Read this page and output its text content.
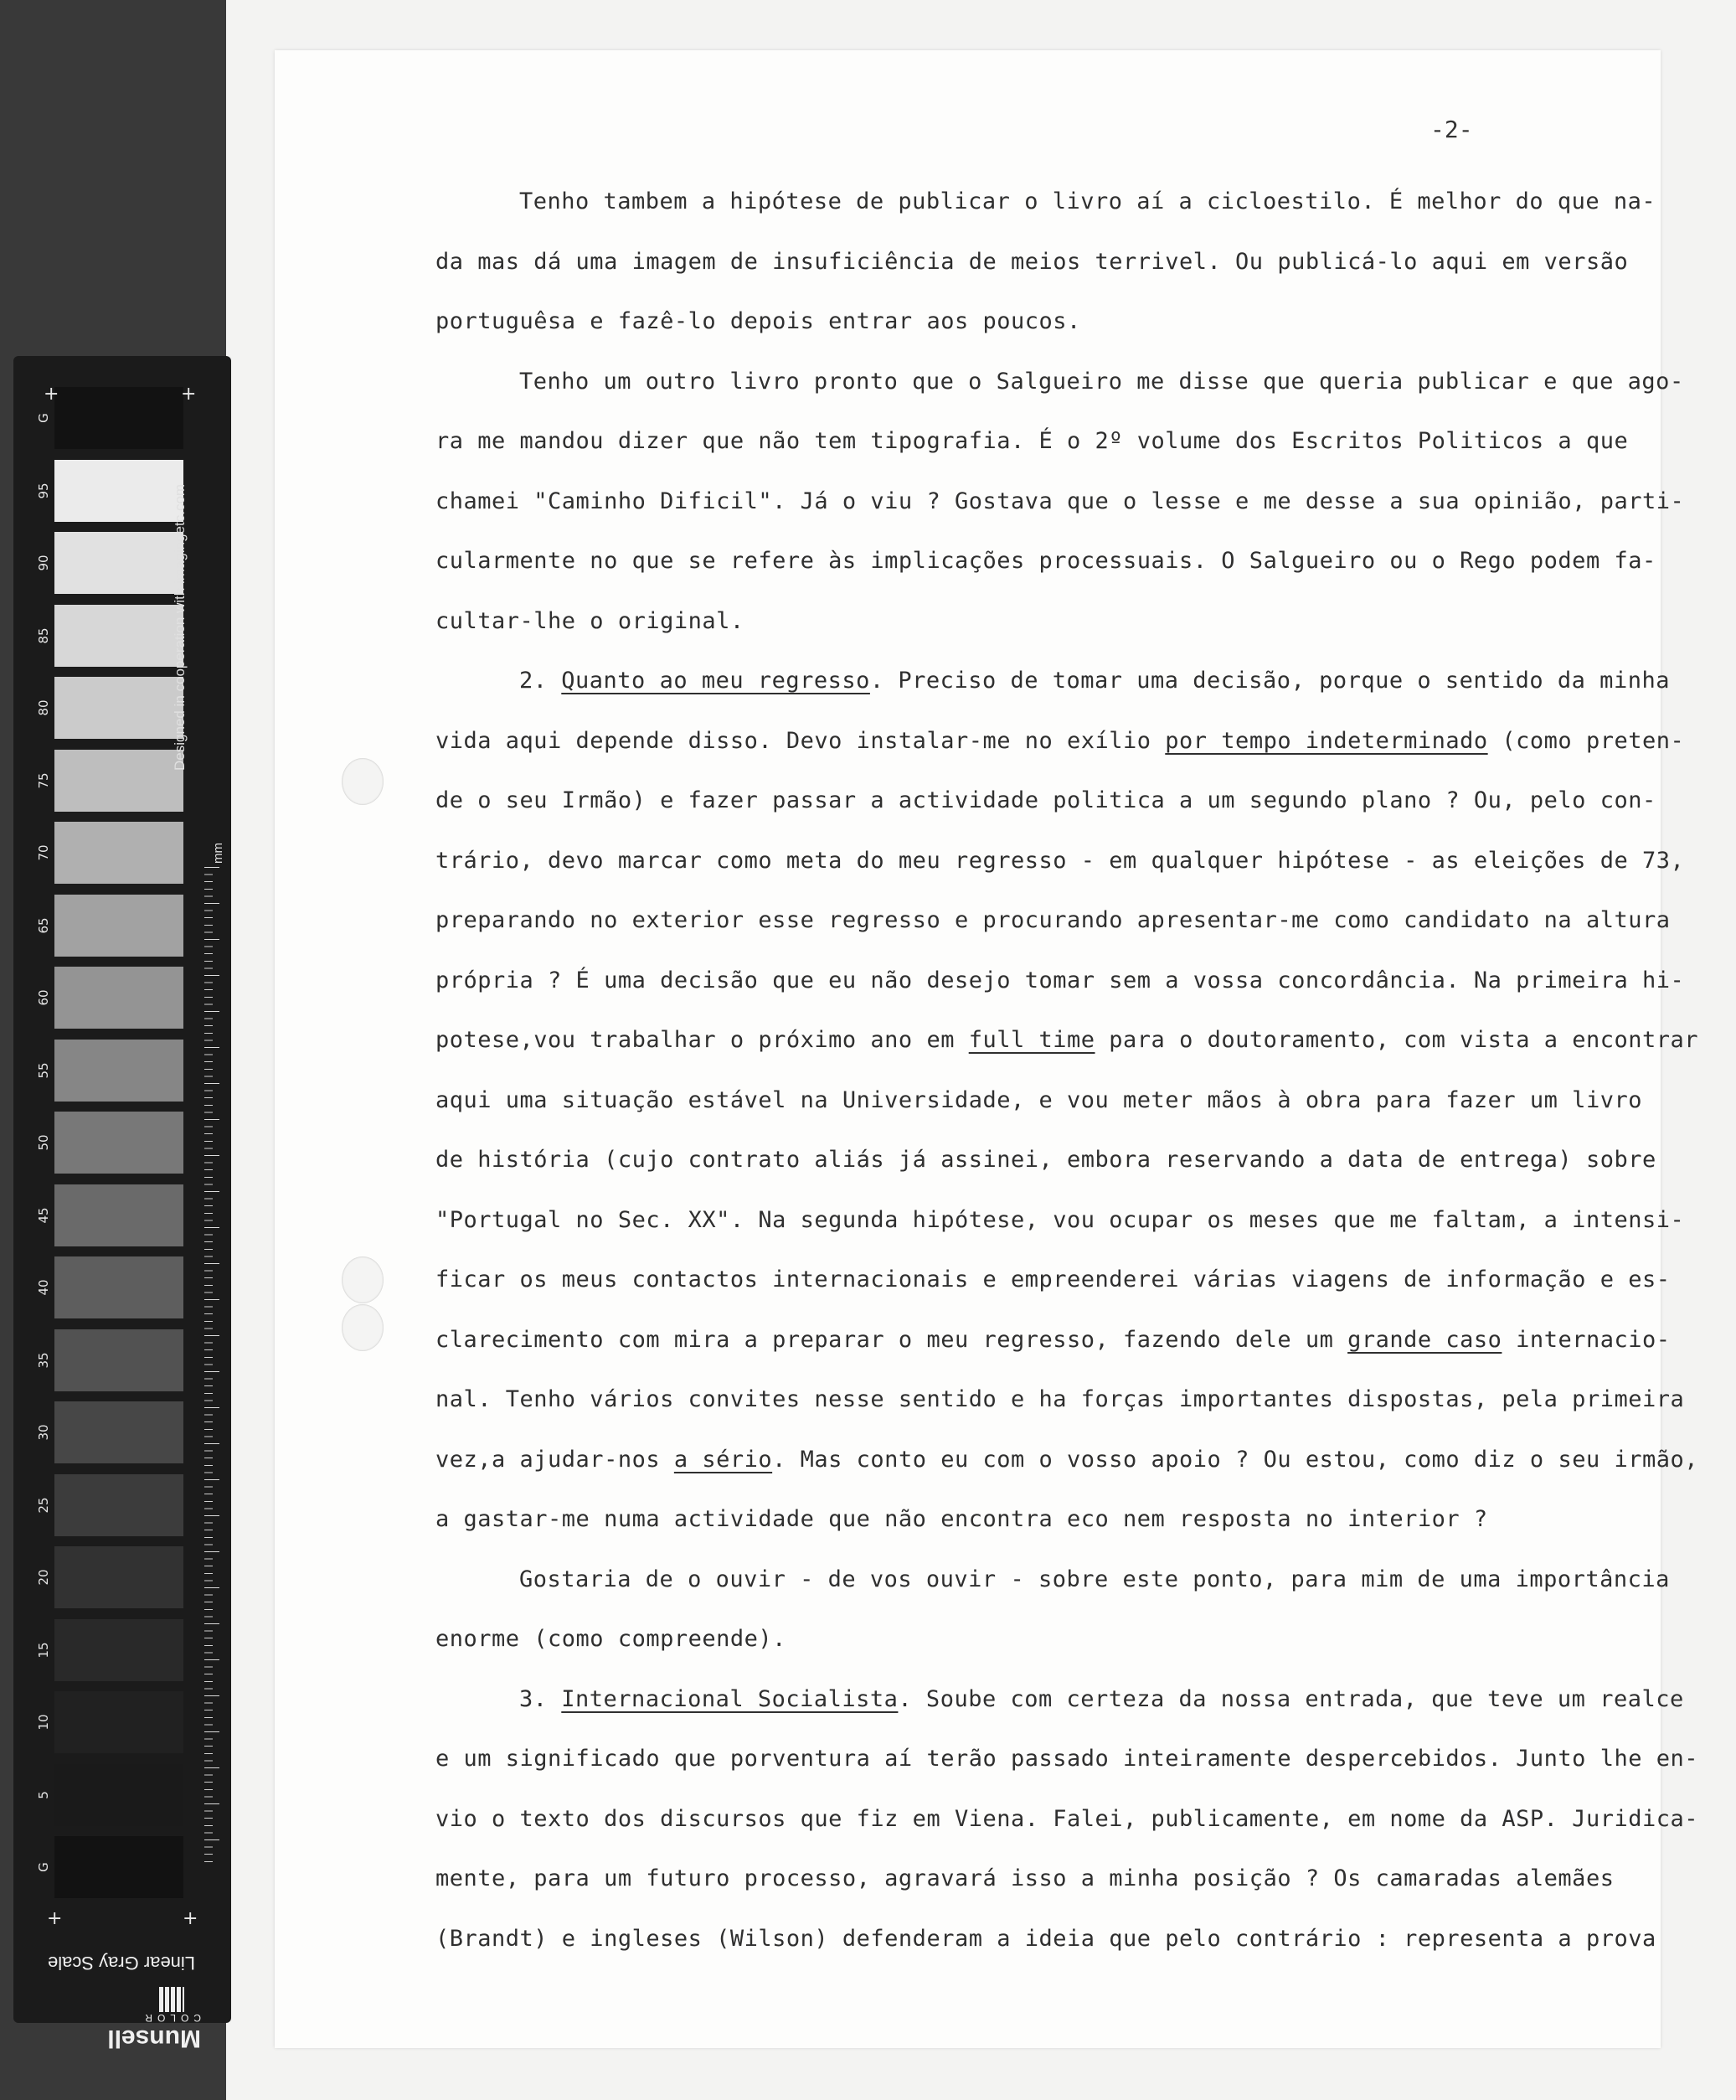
G
95
90
85
80
75
70
65
60
55
50
45
40
35
30
25
20
15
10
5
G
+	+
+	+
Designed in cooperation with imagingetc.com
mm
Linear Gray Scale
Munsell
COLOR
-2-

Tenho tambem a hipótese de publicar o livro aí a cicloestilo. É melhor do que na-
da mas dá uma imagem de insuficiência de meios terrivel. Ou publicá-lo aqui em versão
portuguêsa e fazê-lo depois entrar aos poucos.

Tenho um outro livro pronto que o Salgueiro me disse que queria publicar e que ago-
ra me mandou dizer que não tem tipografia. É o 2º volume dos Escritos Politicos a que
chamei "Caminho Dificil". Já o viu ? Gostava que o lesse e me desse a sua opinião, parti-
cularmente no que se refere às implicações processuais. O Salgueiro ou o Rego podem fa-
cultar-lhe o original.

2. Quanto ao meu regresso. Preciso de tomar uma decisão, porque o sentido da minha
vida aqui depende disso. Devo instalar-me no exílio por tempo indeterminado (como preten-
de o seu Irmão) e fazer passar a actividade politica a um segundo plano ? Ou, pelo con-
trário, devo marcar como meta do meu regresso - em qualquer hipótese - as eleições de 73,
preparando no exterior esse regresso e procurando apresentar-me como candidato na altura
própria ? É uma decisão que eu não desejo tomar sem a vossa concordância. Na primeira hi-
potese,vou trabalhar o próximo ano em full time para o doutoramento, com vista a encontrar
aqui uma situação estável na Universidade, e vou meter mãos à obra para fazer um livro
de história (cujo contrato aliás já assinei, embora reservando a data de entrega) sobre
"Portugal no Sec. XX". Na segunda hipótese, vou ocupar os meses que me faltam, a intensi-
ficar os meus contactos internacionais e empreenderei várias viagens de informação e es-
clarecimento com mira a preparar o meu regresso, fazendo dele um grande caso internacio-
nal. Tenho vários convites nesse sentido e ha forças importantes dispostas, pela primeira
vez,a ajudar-nos a sério. Mas conto eu com o vosso apoio ? Ou estou, como diz o seu irmão,
a gastar-me numa actividade que não encontra eco nem resposta no interior ?

Gostaria de o ouvir - de vos ouvir - sobre este ponto, para mim de uma importância
enorme (como compreende).

3. Internacional Socialista. Soube com certeza da nossa entrada, que teve um realce
e um significado que porventura aí terão passado inteiramente despercebidos. Junto lhe en-
vio o texto dos discursos que fiz em Viena. Falei, publicamente, em nome da ASP. Juridica-
mente, para um futuro processo, agravará isso a minha posição ? Os camaradas alemães
(Brandt) e ingleses (Wilson) defenderam a ideia que pelo contrário : representa a prova
